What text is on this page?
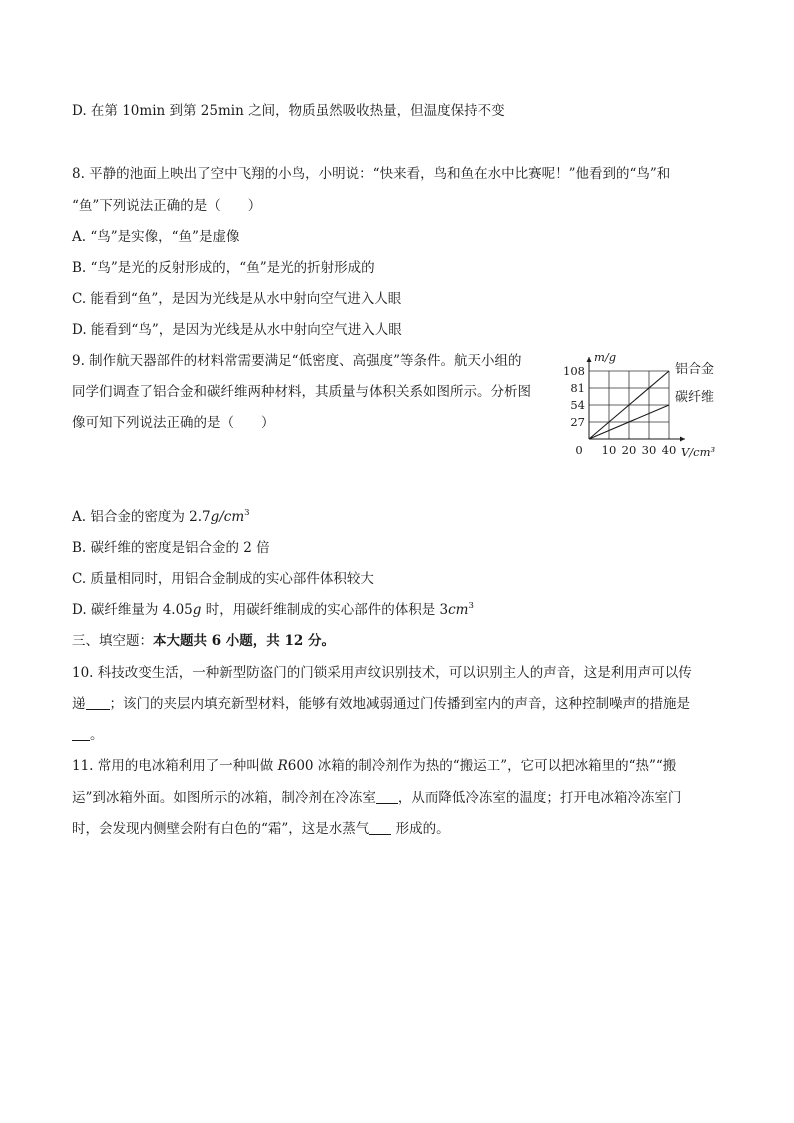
D. 在第 10min 到第 25min 之间，物质虽然吸收热量，但温度保持不变

8. 平静的池面上映出了空中飞翔的小鸟，小明说：“快来看，鸟和鱼在水中比赛呢！”他看到的“鸟”和

“鱼”下列说法正确的是（　　）

A. “鸟”是实像，“鱼”是虚像

B. “鸟”是光的反射形成的，“鱼”是光的折射形成的

C. 能看到“鱼”，是因为光线是从水中射向空气进入人眼

D. 能看到“鸟”，是因为光线是从水中射向空气进入人眼

9. 制作航天器部件的材料常需要满足“低密度、高强度”等条件。航天小组的

同学们调查了铝合金和碳纤维两种材料，其质量与体积关系如图所示。分析图

像可知下列说法正确的是（　　）

10 20 30 40
27
54
81
108
0
m/g
V/cm³
铝合金
碳纤维

A. 铝合金的密度为 $2.7g/cm^3$

B. 碳纤维的密度是铝合金的 2 倍

C. 质量相同时，用铝合金制成的实心部件体积较大

D. 碳纤维量为 4.05g 时，用碳纤维制成的实心部件的体积是 $3cm^3$

三、填空题：本大题共 6 小题，共 12 分。

10. 科技改变生活，一种新型防盗门的门锁采用声纹识别技术，可以识别主人的声音，这是利用声可以传

递 ；该门的夹层内填充新型材料，能够有效地减弱通过门传播到室内的声音，这种控制噪声的措施是

。

11. 常用的电冰箱利用了一种叫做 R600 冰箱的制冷剂作为热的“搬运工”，它可以把冰箱里的“热”“搬

运”到冰箱外面。如图所示的冰箱，制冷剂在冷冻室 ，从而降低冷冻室的温度；打开电冰箱冷冻室门

时，会发现内侧壁会附有白色的“霜”，这是水蒸气 形成的。
